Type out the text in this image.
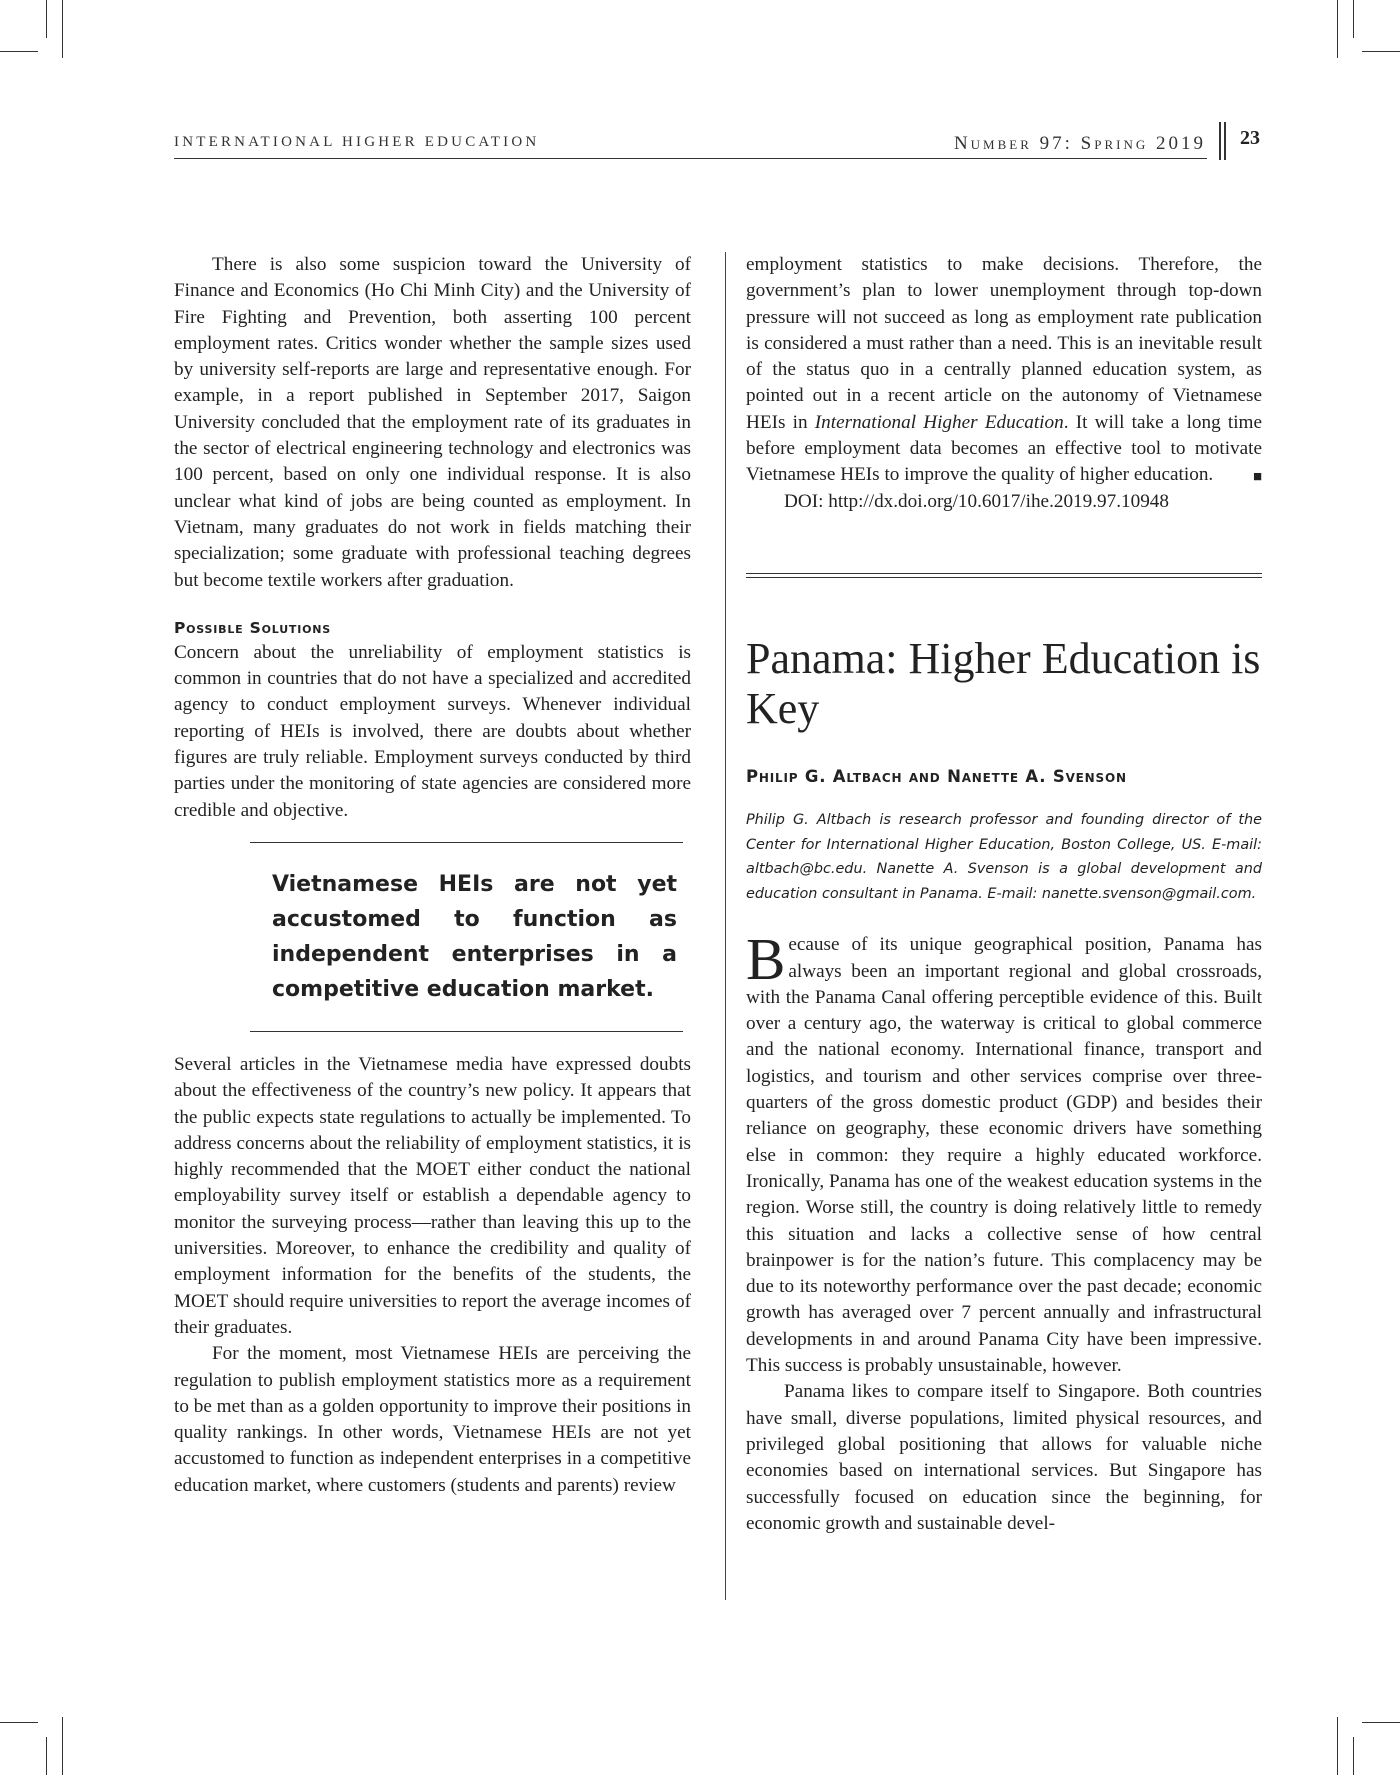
INTERNATIONAL HIGHER EDUCATION	Number 97: Spring 2019 23

There is also some suspicion toward the University of Finance and Economics (Ho Chi Minh City) and the University of Fire Fighting and Prevention, both asserting 100 percent employment rates. Critics wonder whether the sample sizes used by university self-reports are large and representative enough. For example, in a report published in September 2017, Saigon University concluded that the employment rate of its graduates in the sector of electrical engineering technology and electronics was 100 percent, based on only one individual response. It is also unclear what kind of jobs are being counted as employment. In Vietnam, many graduates do not work in fields matching their specialization; some graduate with professional teaching degrees but become textile workers after graduation.

Possible Solutions

Concern about the unreliability of employment statistics is common in countries that do not have a specialized and accredited agency to conduct employment surveys. Whenever individual reporting of HEIs is involved, there are doubts about whether figures are truly reliable. Employment surveys conducted by third parties under the monitoring of state agencies are considered more credible and objective.

Vietnamese HEIs are not yet accustomed to function as independent enterprises in a competitive education market.

Several articles in the Vietnamese media have expressed doubts about the effectiveness of the country’s new policy. It appears that the public expects state regulations to actually be implemented. To address concerns about the reliability of employment statistics, it is highly recommended that the MOET either conduct the national employability survey itself or establish a dependable agency to monitor the surveying process—rather than leaving this up to the universities. Moreover, to enhance the credibility and quality of employment information for the benefits of the students, the MOET should require universities to report the average incomes of their graduates.

For the moment, most Vietnamese HEIs are perceiving the regulation to publish employment statistics more as a requirement to be met than as a golden opportunity to improve their positions in quality rankings. In other words, Vietnamese HEIs are not yet accustomed to function as independent enterprises in a competitive education market, where customers (students and parents) review

employment statistics to make decisions. Therefore, the government’s plan to lower unemployment through top-down pressure will not succeed as long as employment rate publication is considered a must rather than a need. This is an inevitable result of the status quo in a centrally planned education system, as pointed out in a recent article on the autonomy of Vietnamese HEIs in International Higher Education. It will take a long time before employment data becomes an effective tool to motivate Vietnamese HEIs to improve the quality of higher education.	■

DOI: http://dx.doi.org/10.6017/ihe.2019.97.10948

Panama: Higher Education is Key
Philip G. Altbach and Nanette A. Svenson
Philip G. Altbach is research professor and founding director of the Center for International Higher Education, Boston College, US. E-mail: altbach@bc.edu. Nanette A. Svenson is a global development and education consultant in Panama. E-mail: nanette.svenson@gmail.com.

Because of its unique geographical position, Panama has always been an important regional and global crossroads, with the Panama Canal offering perceptible evidence of this. Built over a century ago, the waterway is critical to global commerce and the national economy. International finance, transport and logistics, and tourism and other services comprise over three-quarters of the gross domestic product (GDP) and besides their reliance on geography, these economic drivers have something else in common: they require a highly educated workforce. Ironically, Panama has one of the weakest education systems in the region. Worse still, the country is doing relatively little to remedy this situation and lacks a collective sense of how central brainpower is for the nation’s future. This complacency may be due to its noteworthy performance over the past decade; economic growth has averaged over 7 percent annually and infrastructural developments in and around Panama City have been impressive. This success is probably unsustainable, however.

Panama likes to compare itself to Singapore. Both countries have small, diverse populations, limited physical resources, and privileged global positioning that allows for valuable niche economies based on international services. But Singapore has successfully focused on education since the beginning, for economic growth and sustainable devel-
